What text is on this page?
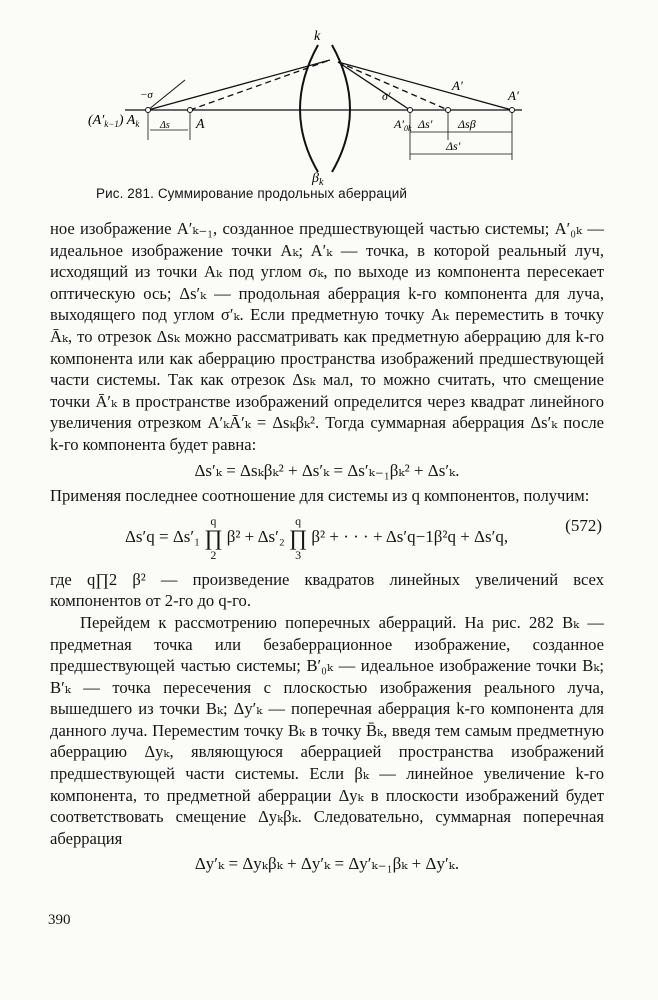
k
$\beta_k$
$(A'_{k-1})$ $A_k$
−σ
Δs A
A′
A′
$A'_{0k}$
σ′
Δs′ Δsβ
Δs′
Рис. 281. Суммирование продольных аберраций

ное изображение A′ₖ₋₁, созданное предшествующей частью системы; A′₀ₖ — идеальное изображение точки Aₖ; A′ₖ — точка, в которой реальный луч, исходящий из точки Aₖ под углом σₖ, по выходе из компонента пересекает оптическую ось; Δs′ₖ — продольная аберрация k-го компонента для луча, выходящего под углом σ′ₖ. Если предметную точку Aₖ переместить в точку Āₖ, то отрезок Δsₖ можно рассматривать как предметную аберрацию для k-го компонента или как аберрацию пространства изображений предшествующей части системы. Так как отрезок Δsₖ мал, то можно считать, что смещение точки Ā′ₖ в пространстве изображений определится через квадрат линейного увеличения отрезком A′ₖĀ′ₖ = Δsₖβₖ². Тогда суммарная аберрация Δs′ₖ после k-го компонента будет равна:

Δs′ₖ = Δsₖβₖ² + Δs′ₖ = Δs′ₖ₋₁βₖ² + Δs′ₖ.

Применяя последнее соотношение для системы из q компонентов, получим:

Δs′q = Δs′₁ q
∏
2 β² + Δs′₂ q
∏
3 β² + · · · + Δs′q−1β²q + Δs′q,
(572)

где q∏2 β² — произведение квадратов линейных увеличений всех компонентов от 2-го до q-го.

Перейдем к рассмотрению поперечных аберраций. На рис. 282 Bₖ — предметная точка или безаберрационное изображение, созданное предшествующей частью системы; B′₀ₖ — идеальное изображение точки Bₖ; B′ₖ — точка пересечения с плоскостью изображения реального луча, вышедшего из точки Bₖ; Δy′ₖ — поперечная аберрация k-го компонента для данного луча. Переместим точку Bₖ в точку B̄ₖ, введя тем самым предметную аберрацию Δyₖ, являющуюся аберрацией пространства изображений предшествующей части системы. Если βₖ — линейное увеличение k-го компонента, то предметной аберрации Δyₖ в плоскости изображений будет соответствовать смещение Δyₖβₖ. Следовательно, суммарная поперечная аберрация

Δy′ₖ = Δyₖβₖ + Δy′ₖ = Δy′ₖ₋₁βₖ + Δy′ₖ.
390
